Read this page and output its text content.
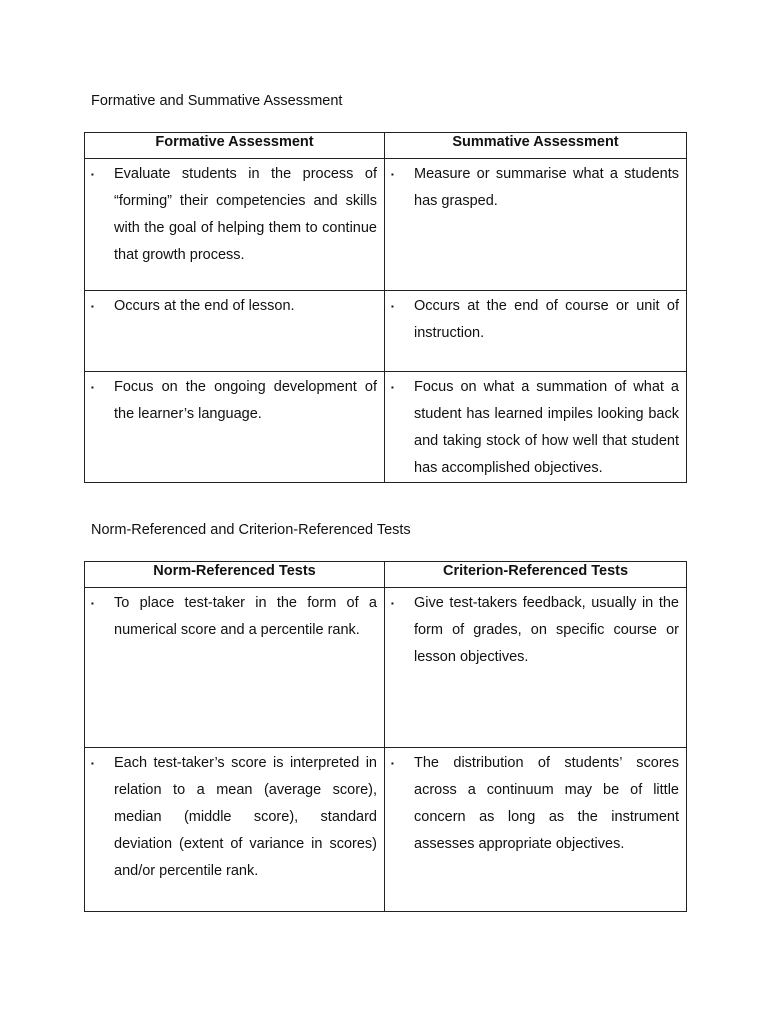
Formative and Summative Assessment
Formative Assessment	Summative Assessment

▪ Evaluate students in the process of “forming” their competencies and skills with the goal of helping them to continue that growth process.	▪ Measure or summarise what a students has grasped.

▪ Occurs at the end of lesson.	▪ Occurs at the end of course or unit of instruction.

▪ Focus on the ongoing development of the learner’s language.	▪ Focus on what a summation of what a student has learned impiles looking back and taking stock of how well that student has accomplished objectives.
Norm-Referenced and Criterion-Referenced Tests
Norm-Referenced Tests	Criterion-Referenced Tests

▪ To place test-taker in the form of a numerical score and a percentile rank.	▪ Give test-takers feedback, usually in the form of grades, on specific course or lesson objectives.

▪ Each test-taker’s score is interpreted in relation to a mean (average score), median (middle score), standard deviation (extent of variance in scores) and/or percentile rank.	▪ The distribution of students’ scores across a continuum may be of little concern as long as the instrument assesses appropriate objectives.
